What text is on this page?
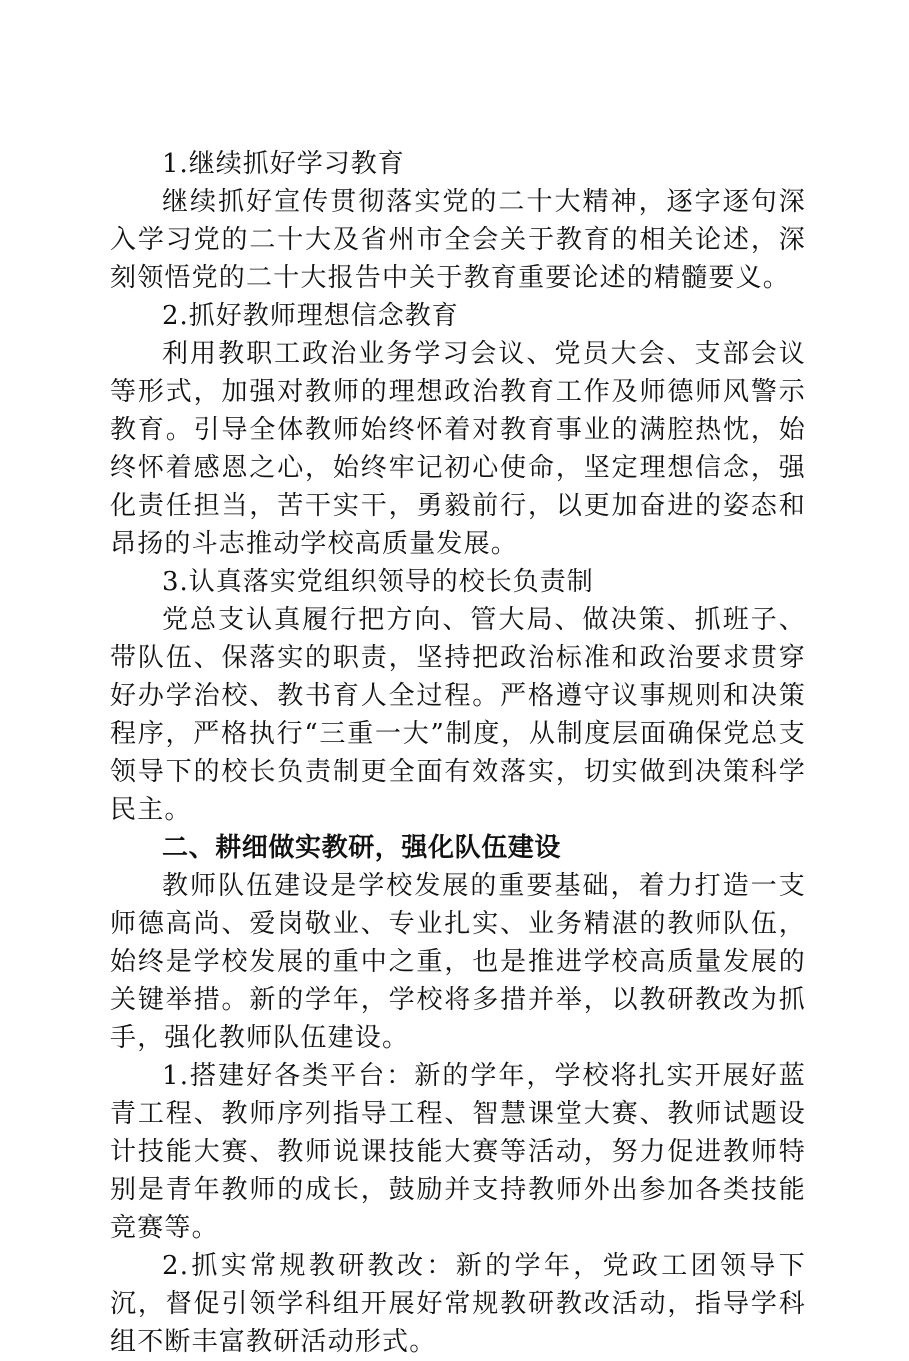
1.继续抓好学习教育

继续抓好宣传贯彻落实党的二十大精神，逐字逐句深入学习党的二十大及省州市全会关于教育的相关论述，深刻领悟党的二十大报告中关于教育重要论述的精髓要义。

2.抓好教师理想信念教育

利用教职工政治业务学习会议、党员大会、支部会议等形式，加强对教师的理想政治教育工作及师德师风警示教育。引导全体教师始终怀着对教育事业的满腔热忱，始终怀着感恩之心，始终牢记初心使命，坚定理想信念，强化责任担当，苦干实干，勇毅前行，以更加奋进的姿态和昂扬的斗志推动学校高质量发展。

3.认真落实党组织领导的校长负责制

党总支认真履行把方向、管大局、做决策、抓班子、带队伍、保落实的职责，坚持把政治标准和政治要求贯穿好办学治校、教书育人全过程。严格遵守议事规则和决策程序，严格执行“三重一大”制度，从制度层面确保党总支领导下的校长负责制更全面有效落实，切实做到决策科学民主。

二、耕细做实教研，强化队伍建设

教师队伍建设是学校发展的重要基础，着力打造一支师德高尚、爱岗敬业、专业扎实、业务精湛的教师队伍，始终是学校发展的重中之重，也是推进学校高质量发展的关键举措。新的学年，学校将多措并举，以教研教改为抓手，强化教师队伍建设。

1.搭建好各类平台：新的学年，学校将扎实开展好蓝青工程、教师序列指导工程、智慧课堂大赛、教师试题设计技能大赛、教师说课技能大赛等活动，努力促进教师特别是青年教师的成长，鼓励并支持教师外出参加各类技能竞赛等。

2.抓实常规教研教改：新的学年，党政工团领导下沉，督促引领学科组开展好常规教研教改活动，指导学科组不断丰富教研活动形式。
